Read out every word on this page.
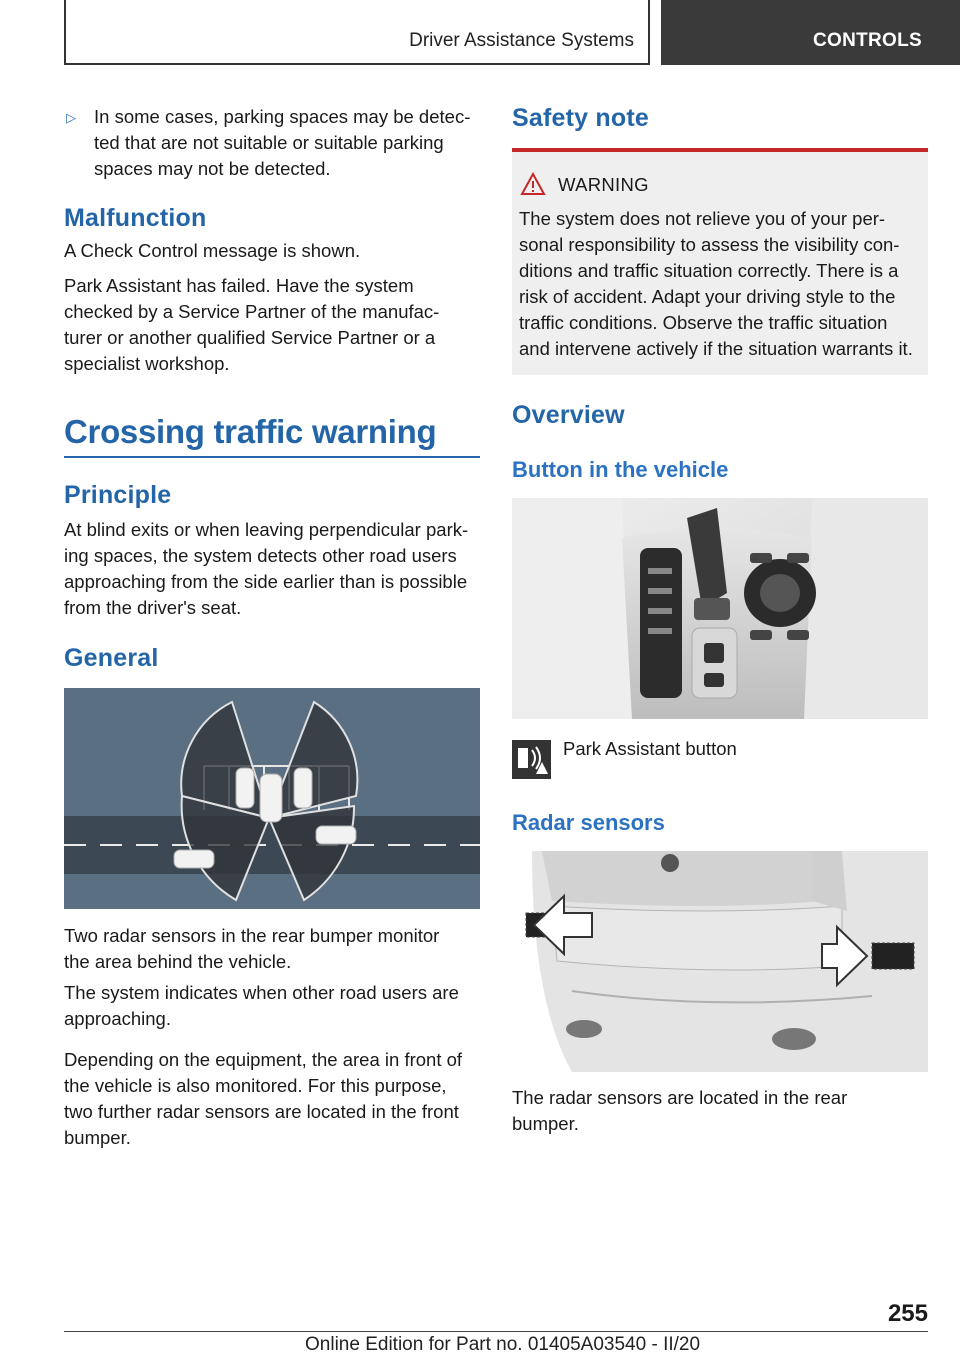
Driver Assistance Systems	CONTROLS
▷ In some cases, parking spaces may be detec-
ted that are not suitable or suitable parking
spaces may not be detected.
Malfunction
A Check Control message is shown.
Park Assistant has failed. Have the system
checked by a Service Partner of the manufac-
turer or another qualified Service Partner or a
specialist workshop.
Crossing traffic warning
Principle
At blind exits or when leaving perpendicular park-
ing spaces, the system detects other road users
approaching from the side earlier than is possible
from the driver's seat.
General
Two radar sensors in the rear bumper monitor
the area behind the vehicle.
The system indicates when other road users are
approaching.
Depending on the equipment, the area in front of
the vehicle is also monitored. For this purpose,
two further radar sensors are located in the front
bumper.
Safety note
WARNING
The system does not relieve you of your per-
sonal responsibility to assess the visibility con-
ditions and traffic situation correctly. There is a
risk of accident. Adapt your driving style to the
traffic conditions. Observe the traffic situation
and intervene actively if the situation warrants it.
Overview
Button in the vehicle
Park Assistant button
Radar sensors
The radar sensors are located in the rear
bumper.
255
Online Edition for Part no. 01405A03540 - II/20
